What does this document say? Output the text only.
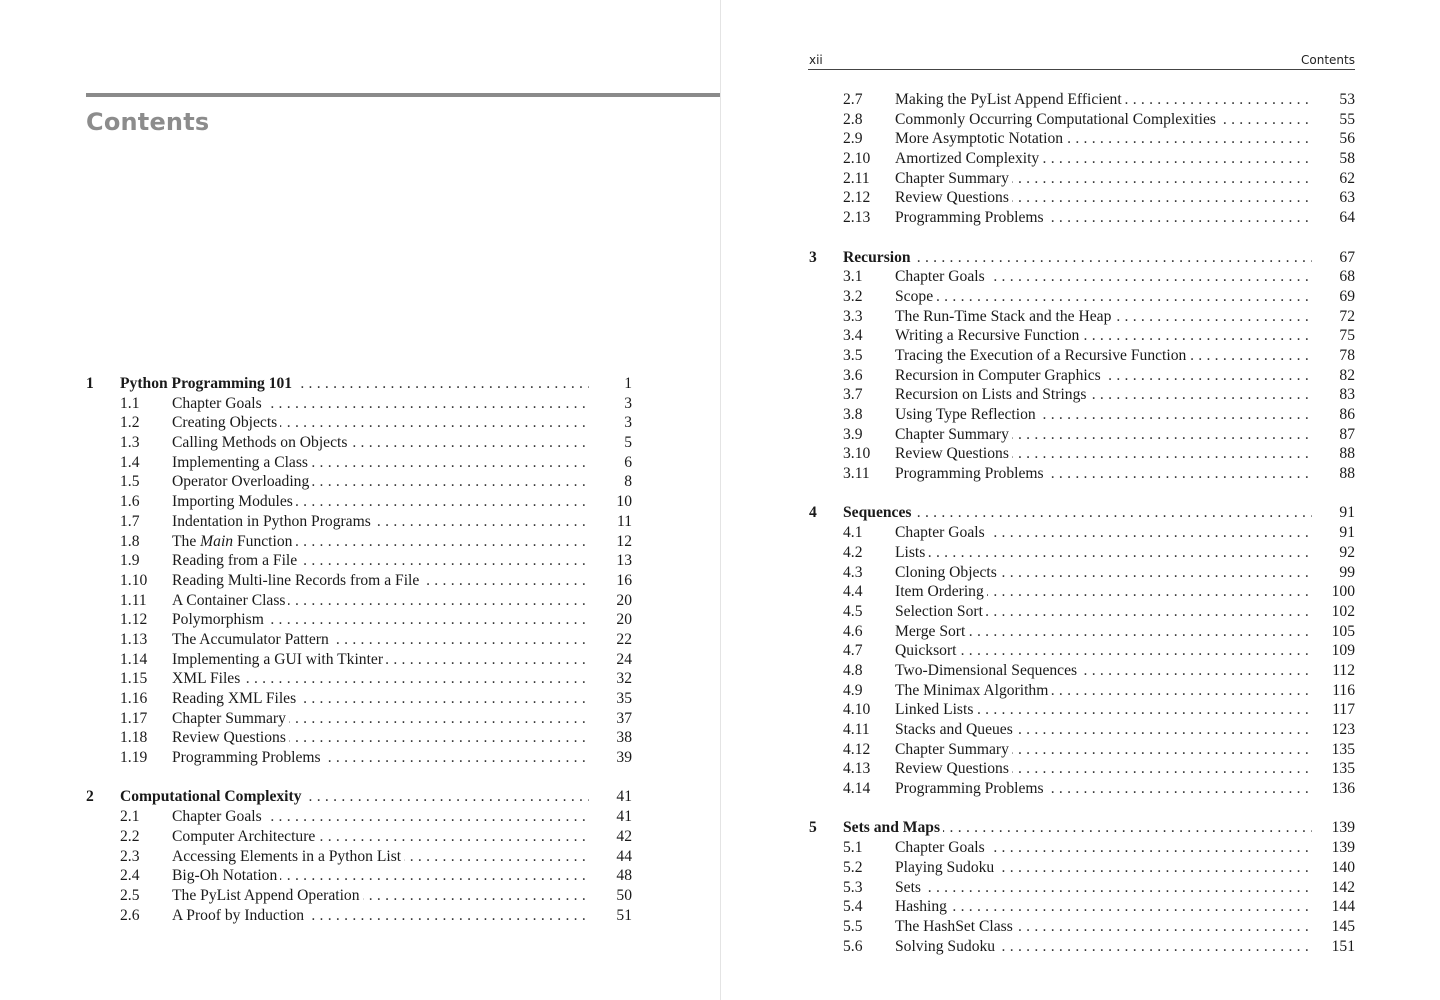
Contents
1 Python Programming 101 . . .	1
1.1 Chapter Goals . . .	3
1.2 Creating Objects . . .	3
1.3 Calling Methods on Objects . . .	5
1.4 Implementing a Class . . .	6
1.5 Operator Overloading . . .	8
1.6 Importing Modules . . .	10
1.7 Indentation in Python Programs . . .	11
1.8 The Main Function . . .	12
1.9 Reading from a File . . .	13
1.10 Reading Multi-line Records from a File . . .	16
1.11 A Container Class . . .	20
1.12 Polymorphism . . .	20
1.13 The Accumulator Pattern . . .	22
1.14 Implementing a GUI with Tkinter . . .	24
1.15 XML Files . . .	32
1.16 Reading XML Files . . .	35
1.17 Chapter Summary . . .	37
1.18 Review Questions . . .	38
1.19 Programming Problems . . .	39
2 Computational Complexity . . .	41
2.1 Chapter Goals . . .	41
2.2 Computer Architecture . . .	42
2.3 Accessing Elements in a Python List . . .	44
2.4 Big-Oh Notation . . .	48
2.5 The PyList Append Operation . . .	50
2.6 A Proof by Induction . . .	51
xii	Contents
2.7 Making the PyList Append Efficient . . .	53
2.8 Commonly Occurring Computational Complexities . . .	55
2.9 More Asymptotic Notation . . .	56
2.10 Amortized Complexity . . .	58
2.11 Chapter Summary . . .	62
2.12 Review Questions . . .	63
2.13 Programming Problems . . .	64
3 Recursion . . .	67
3.1 Chapter Goals . . .	68
3.2 Scope . . .	69
3.3 The Run-Time Stack and the Heap . . .	72
3.4 Writing a Recursive Function . . .	75
3.5 Tracing the Execution of a Recursive Function . . .	78
3.6 Recursion in Computer Graphics . . .	82
3.7 Recursion on Lists and Strings . . .	83
3.8 Using Type Reflection . . .	86
3.9 Chapter Summary . . .	87
3.10 Review Questions . . .	88
3.11 Programming Problems . . .	88
4 Sequences . . .	91
4.1 Chapter Goals . . .	91
4.2 Lists . . .	92
4.3 Cloning Objects . . .	99
4.4 Item Ordering . . .	100
4.5 Selection Sort . . .	102
4.6 Merge Sort . . .	105
4.7 Quicksort . . .	109
4.8 Two-Dimensional Sequences . . .	112
4.9 The Minimax Algorithm . . .	116
4.10 Linked Lists . . .	117
4.11 Stacks and Queues . . .	123
4.12 Chapter Summary . . .	135
4.13 Review Questions . . .	135
4.14 Programming Problems . . .	136
5 Sets and Maps . . .	139
5.1 Chapter Goals . . .	139
5.2 Playing Sudoku . . .	140
5.3 Sets . . .	142
5.4 Hashing . . .	144
5.5 The HashSet Class . . .	145
5.6 Solving Sudoku . . .	151
